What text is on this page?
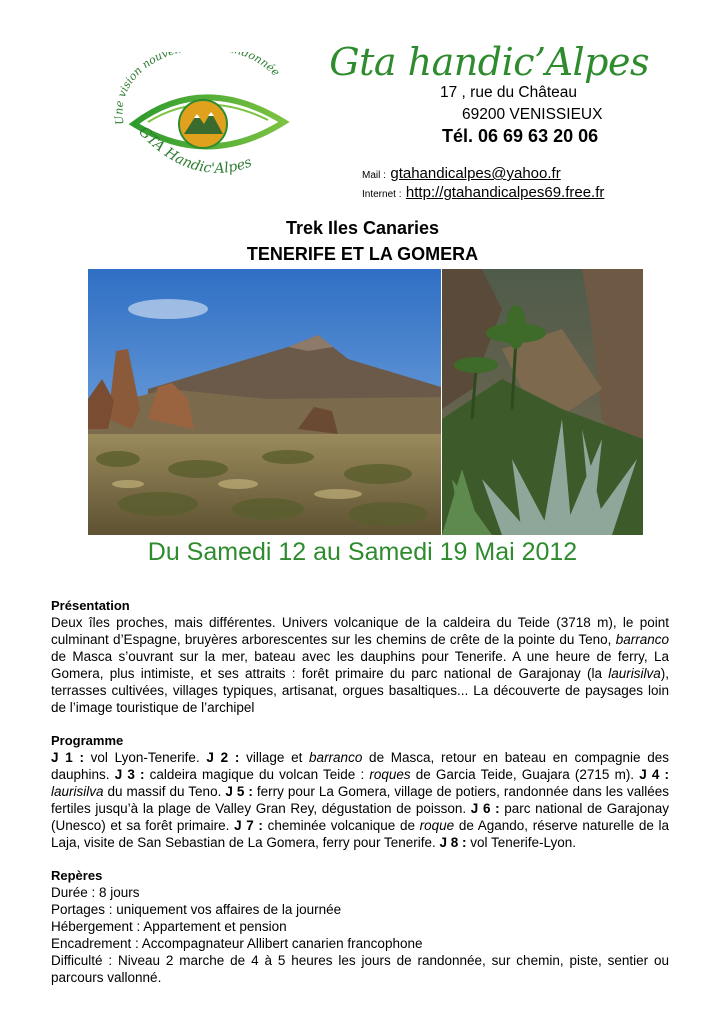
Une vision nouv donnée
GTA Handic'Alpes
Gta handic’Alpes
17 , rue du Château
69200 VENISSIEUX
Tél. 06 69 63 20 06
Mail : gtahandicalpes@yahoo.fr
Internet : http://gtahandicalpes69.free.fr
Trek Iles Canaries
TENERIFE ET LA GOMERA
Du Samedi 12 au Samedi 19 Mai 2012
Présentation

Deux îles proches, mais différentes. Univers volcanique de la caldeira du Teide (3718 m), le point culminant d’Espagne, bruyères arborescentes sur les chemins de crête de la pointe du Teno, barranco de Masca s’ouvrant sur la mer, bateau avec les dauphins pour Tenerife. A une heure de ferry, La Gomera, plus intimiste, et ses attraits : forêt primaire du parc national de Garajonay (la laurisilva), terrasses cultivées, villages typiques, artisanat, orgues basaltiques... La découverte de paysages loin de l’image touristique de l’archipel

Programme

J 1 : vol Lyon-Tenerife. J 2 : village et barranco de Masca, retour en bateau en compagnie des dauphins. J 3 : caldeira magique du volcan Teide : roques de Garcia Teide, Guajara (2715 m). J 4 : laurisilva du massif du Teno. J 5 : ferry pour La Gomera, village de potiers, randonnée dans les vallées fertiles jusqu’à la plage de Valley Gran Rey, dégustation de poisson. J 6 : parc national de Garajonay (Unesco) et sa forêt primaire. J 7 : cheminée volcanique de roque de Agando, réserve naturelle de la Laja, visite de San Sebastian de La Gomera, ferry pour Tenerife. J 8 : vol Tenerife-Lyon.

Repères

Durée : 8 jours

Portages : uniquement vos affaires de la journée

Hébergement : Appartement et pension

Encadrement : Accompagnateur Allibert canarien francophone

Difficulté : Niveau 2 marche de 4 à 5 heures les jours de randonnée, sur chemin, piste, sentier ou parcours vallonné.
